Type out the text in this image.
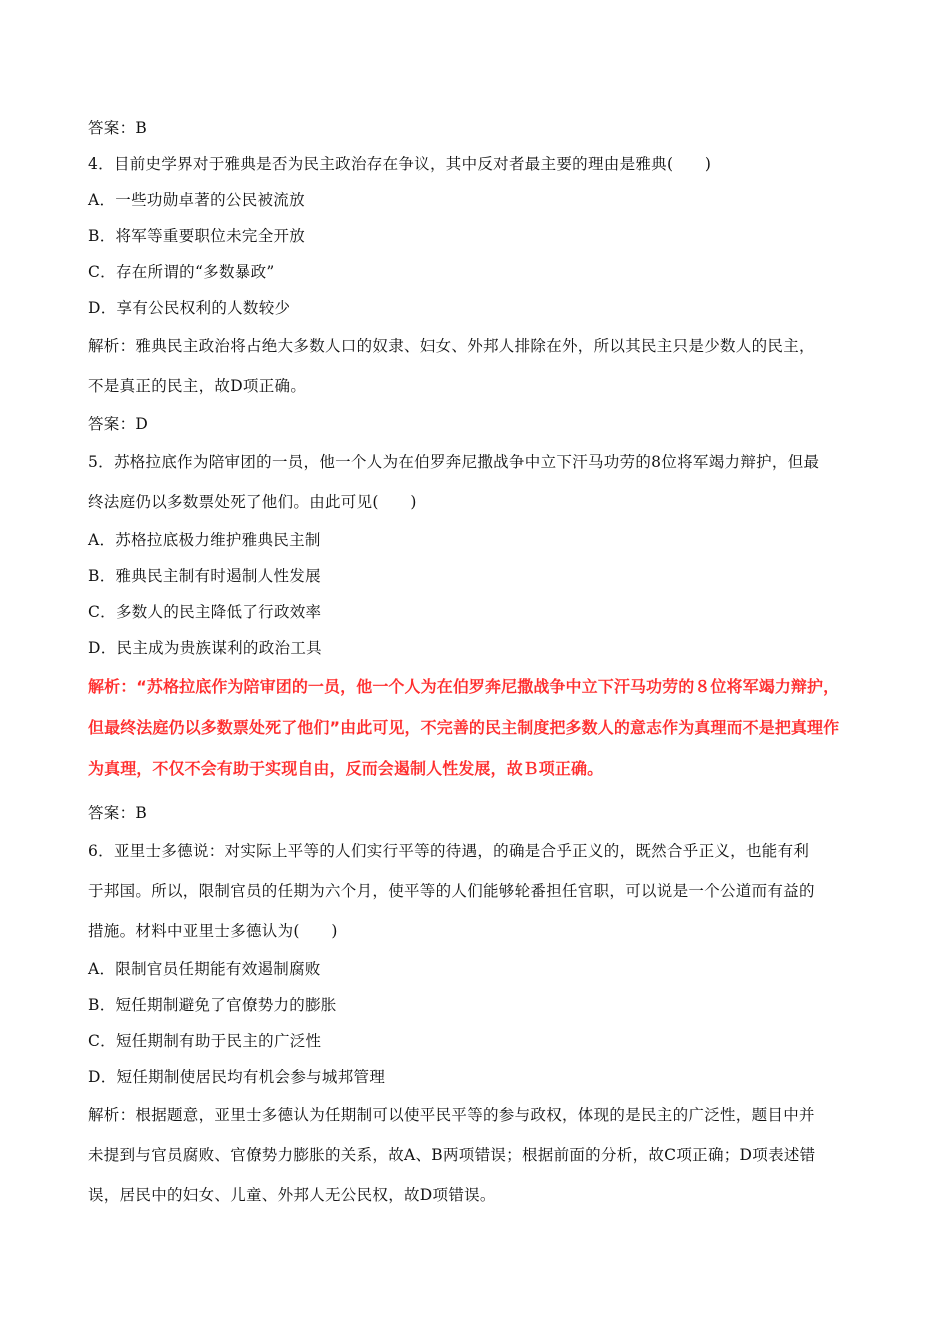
答案：B

4．目前史学界对于雅典是否为民主政治存在争议，其中反对者最主要的理由是雅典(　　)

A．一些功勋卓著的公民被流放

B．将军等重要职位未完全开放

C．存在所谓的“多数暴政”

D．享有公民权利的人数较少

解析：雅典民主政治将占绝大多数人口的奴隶、妇女、外邦人排除在外，所以其民主只是少数人的民主，
不是真正的民主，故D项正确。

答案：D

5．苏格拉底作为陪审团的一员，他一个人为在伯罗奔尼撒战争中立下汗马功劳的8位将军竭力辩护，但最
终法庭仍以多数票处死了他们。由此可见(　　)

A．苏格拉底极力维护雅典民主制

B．雅典民主制有时遏制人性发展

C．多数人的民主降低了行政效率

D．民主成为贵族谋利的政治工具

解析：“苏格拉底作为陪审团的一员，他一个人为在伯罗奔尼撒战争中立下汗马功劳的８位将军竭力辩护，
但最终法庭仍以多数票处死了他们”由此可见，不完善的民主制度把多数人的意志作为真理而不是把真理作
为真理，不仅不会有助于实现自由，反而会遏制人性发展，故Ｂ项正确。

答案：B

6．亚里士多德说：对实际上平等的人们实行平等的待遇，的确是合乎正义的，既然合乎正义，也能有利
于邦国。所以，限制官员的任期为六个月，使平等的人们能够轮番担任官职，可以说是一个公道而有益的
措施。材料中亚里士多德认为(　　)

A．限制官员任期能有效遏制腐败

B．短任期制避免了官僚势力的膨胀

C．短任期制有助于民主的广泛性

D．短任期制使居民均有机会参与城邦管理

解析：根据题意，亚里士多德认为任期制可以使平民平等的参与政权，体现的是民主的广泛性，题目中并
未提到与官员腐败、官僚势力膨胀的关系，故A、B两项错误；根据前面的分析，故C项正确；D项表述错
误，居民中的妇女、儿童、外邦人无公民权，故D项错误。
